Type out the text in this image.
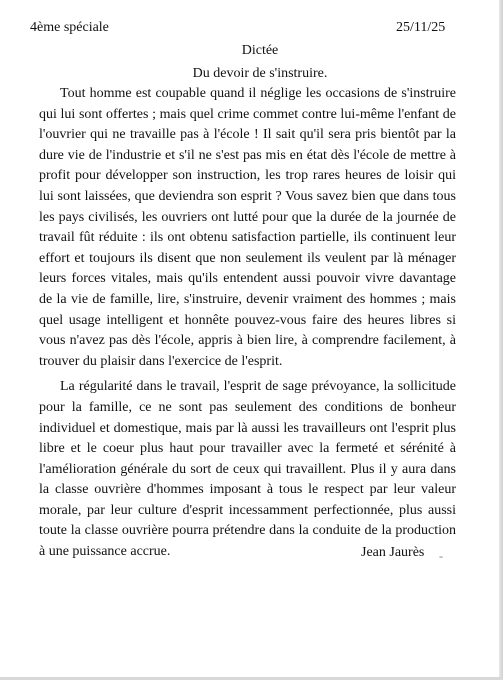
4ème spéciale	25/11/25
Dictée
Du devoir de s'instruire.

Tout homme est coupable quand il néglige les occasions de s'instruire qui lui sont offertes ; mais quel crime commet contre lui-même l'enfant de l'ouvrier qui ne travaille pas à l'école ! Il sait qu'il sera pris bientôt par la dure vie de l'industrie et s'il ne s'est pas mis en état dès l'école de mettre à profit pour développer son instruction, les trop rares heures de loisir qui lui sont laissées, que deviendra son esprit ? Vous savez bien que dans tous les pays civilisés, les ouvriers ont lutté pour que la durée de la journée de travail fût réduite : ils ont obtenu satisfaction partielle, ils continuent leur effort et toujours ils disent que non seulement ils veulent par là ménager leurs forces vitales, mais qu'ils entendent aussi pouvoir vivre davantage de la vie de famille, lire, s'instruire, devenir vraiment des hommes ; mais quel usage intelligent et honnête pouvez-vous faire des heures libres si vous n'avez pas dès l'école, appris à bien lire, à comprendre facilement, à trouver du plaisir dans l'exercice de l'esprit.

La régularité dans le travail, l'esprit de sage prévoyance, la sollicitude pour la famille, ce ne sont pas seulement des conditions de bonheur individuel et domestique, mais par là aussi les travailleurs ont l'esprit plus libre et le coeur plus haut pour travailler avec la fermeté et sérénité à l'amélioration générale du sort de ceux qui travaillent. Plus il y aura dans la classe ouvrière d'hommes imposant à tous le respect par leur valeur morale, par leur culture d'esprit incessamment perfectionnée, plus aussi toute la classe ouvrière pourra prétendre dans la conduite de la production à une puissance accrue.	Jean Jaurès -
